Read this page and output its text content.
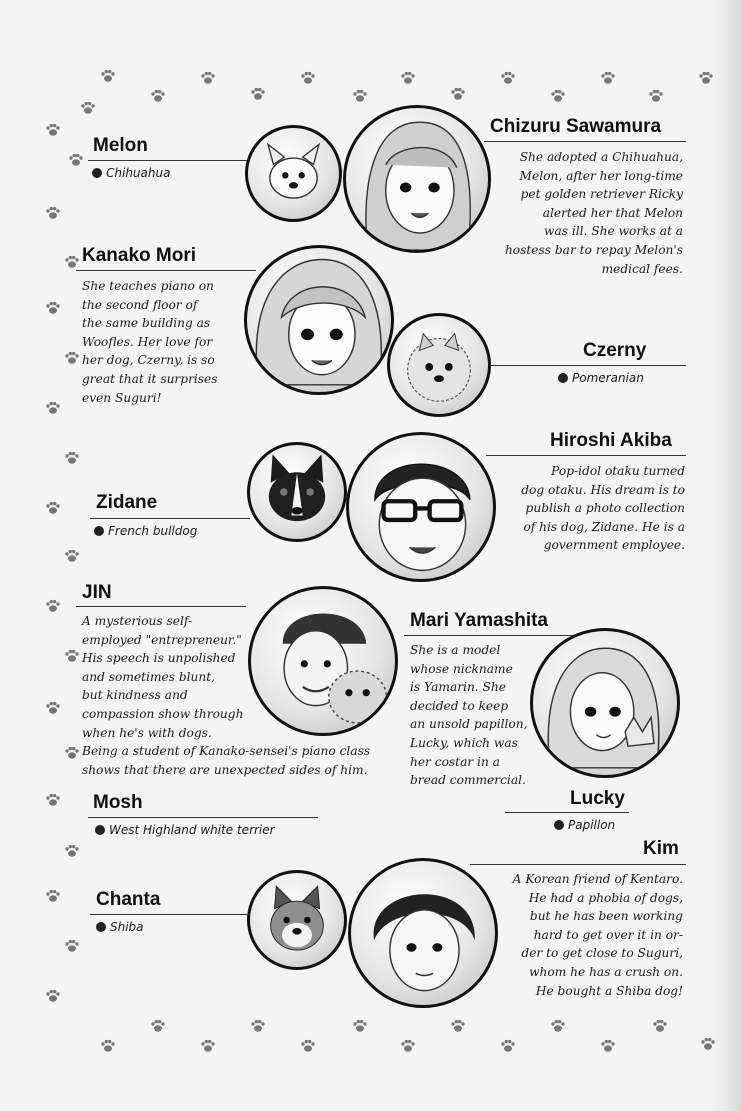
Melon
Chihuahua
Chizuru Sawamura
She adopted a Chihuahua,
Melon, after her long-time
pet golden retriever Ricky
alerted her that Melon
was ill. She works at a
hostess bar to repay Melon's
medical fees.
Kanako Mori
She teaches piano on
the second floor of
the same building as
Woofles. Her love for
her dog, Czerny, is so
great that it surprises
even Suguri!
Czerny
Pomeranian
Hiroshi Akiba
Pop-idol otaku turned
dog otaku. His dream is to
publish a photo collection
of his dog, Zidane. He is a
government employee.
Zidane
French bulldog
JIN
A mysterious self-
employed "entrepreneur."
His speech is unpolished
and sometimes blunt,
but kindness and
compassion show through
when he's with dogs.
Being a student of Kanako-sensei's piano class
shows that there are unexpected sides of him.
Mari Yamashita
She is a model
whose nickname
is Yamarin. She
decided to keep
an unsold papillon,
Lucky, which was
her costar in a
bread commercial.
Lucky
Papillon
Mosh
West Highland white terrier
Kim
A Korean friend of Kentaro.
He had a phobia of dogs,
but he has been working
hard to get over it in or-
der to get close to Suguri,
whom he has a crush on.
He bought a Shiba dog!
Chanta
Shiba
